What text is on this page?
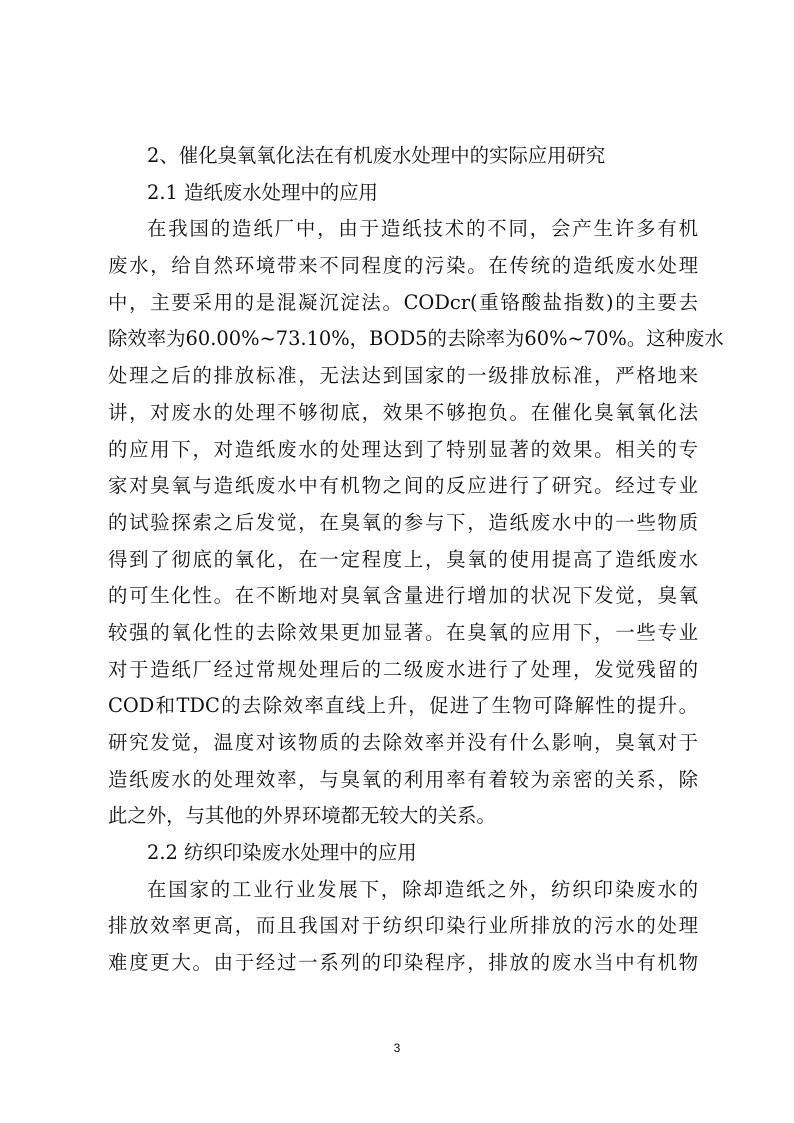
2、催化臭氧氧化法在有机废水处理中的实际应用研究
2.1 造纸废水处理中的应用
在我国的造纸厂中，由于造纸技术的不同，会产生许多有机
废水，给自然环境带来不同程度的污染。在传统的造纸废水处理
中，主要采用的是混凝沉淀法。CODcr(重铬酸盐指数)的主要去
除效率为60.00%~73.10%，BOD5的去除率为60%~70%。这种废水
处理之后的排放标准，无法达到国家的一级排放标准，严格地来
讲，对废水的处理不够彻底，效果不够抱负。在催化臭氧氧化法
的应用下，对造纸废水的处理达到了特别显著的效果。相关的专
家对臭氧与造纸废水中有机物之间的反应进行了研究。经过专业
的试验探索之后发觉，在臭氧的参与下，造纸废水中的一些物质
得到了彻底的氧化，在一定程度上，臭氧的使用提高了造纸废水
的可生化性。在不断地对臭氧含量进行增加的状况下发觉，臭氧
较强的氧化性的去除效果更加显著。在臭氧的应用下，一些专业
对于造纸厂经过常规处理后的二级废水进行了处理，发觉残留的
COD和TDC的去除效率直线上升，促进了生物可降解性的提升。
研究发觉，温度对该物质的去除效率并没有什么影响，臭氧对于
造纸废水的处理效率，与臭氧的利用率有着较为亲密的关系，除
此之外，与其他的外界环境都无较大的关系。
2.2 纺织印染废水处理中的应用
在国家的工业行业发展下，除却造纸之外，纺织印染废水的
排放效率更高，而且我国对于纺织印染行业所排放的污水的处理
难度更大。由于经过一系列的印染程序，排放的废水当中有机物
3
